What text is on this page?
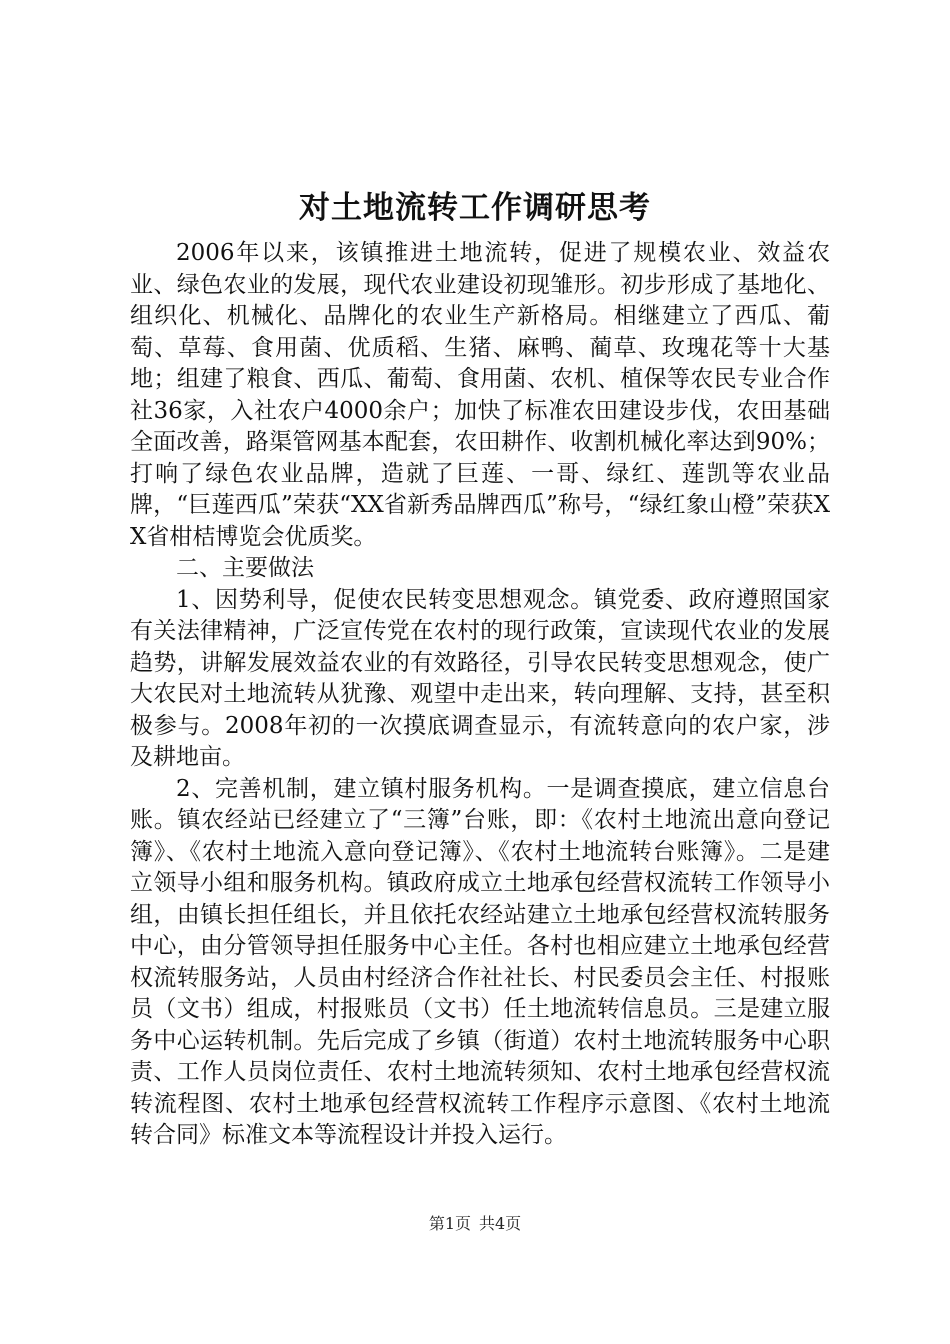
对土地流转工作调研思考

2006年以来，该镇推进土地流转，促进了规模农业、效益农业、绿色农业的发展，现代农业建设初现雏形。初步形成了基地化、组织化、机械化、品牌化的农业生产新格局。相继建立了西瓜、葡萄、草莓、食用菌、优质稻、生猪、麻鸭、蔺草、玫瑰花等十大基地；组建了粮食、西瓜、葡萄、食用菌、农机、植保等农民专业合作社36家，入社农户4000余户；加快了标准农田建设步伐，农田基础全面改善，路渠管网基本配套，农田耕作、收割机械化率达到90%；打响了绿色农业品牌，造就了巨莲、一哥、绿红、莲凯等农业品牌，“巨莲西瓜”荣获“XX省新秀品牌西瓜”称号，“绿红象山橙”荣获XX省柑桔博览会优质奖。

二、主要做法

1、因势利导，促使农民转变思想观念。镇党委、政府遵照国家有关法律精神，广泛宣传党在农村的现行政策，宣读现代农业的发展趋势，讲解发展效益农业的有效路径，引导农民转变思想观念，使广大农民对土地流转从犹豫、观望中走出来，转向理解、支持，甚至积极参与。2008年初的一次摸底调查显示，有流转意向的农户家，涉及耕地亩。

2、完善机制，建立镇村服务机构。一是调查摸底，建立信息台账。镇农经站已经建立了“三簿”台账，即：《农村土地流出意向登记簿》、《农村土地流入意向登记簿》、《农村土地流转台账簿》。二是建立领导小组和服务机构。镇政府成立土地承包经营权流转工作领导小组，由镇长担任组长，并且依托农经站建立土地承包经营权流转服务中心，由分管领导担任服务中心主任。各村也相应建立土地承包经营权流转服务站，人员由村经济合作社社长、村民委员会主任、村报账员（文书）组成，村报账员（文书）任土地流转信息员。三是建立服务中心运转机制。先后完成了乡镇（街道）农村土地流转服务中心职责、工作人员岗位责任、农村土地流转须知、农村土地承包经营权流转流程图、农村土地承包经营权流转工作程序示意图、《农村土地流转合同》标准文本等流程设计并投入运行。

第1页 共4页
